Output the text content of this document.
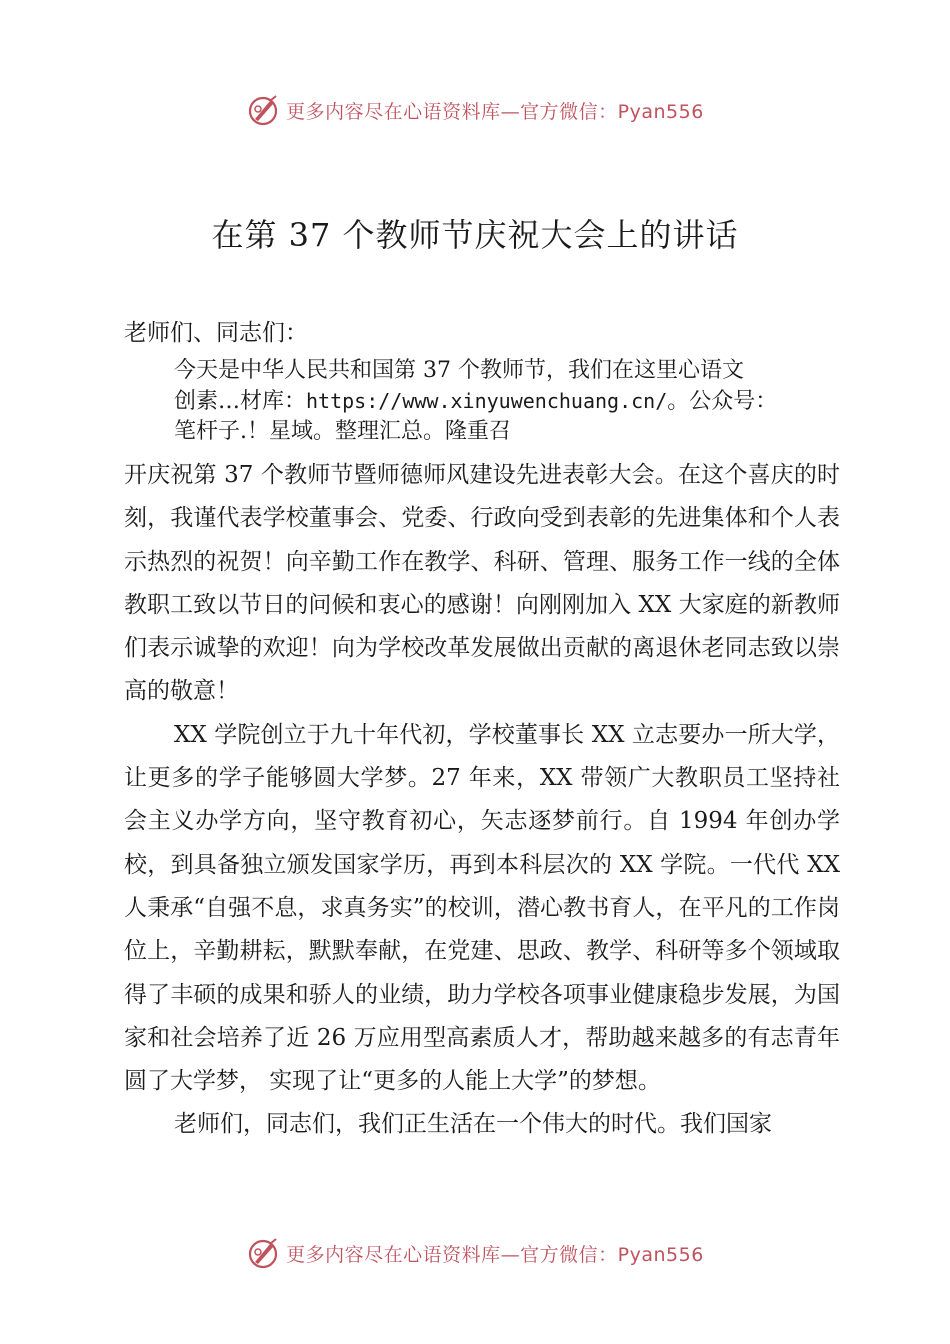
更多内容尽在心语资料库—官方微信：Pyan556
在第 37 个教师节庆祝大会上的讲话

老师们、同志们：

今天是中华人民共和国第 37 个教师节，我们在这里心语文
创素…材库：https://www.xinyuwenchuang.cn/。公众号：
笔杆子.！星域。整理汇总。隆重召

开庆祝第 37 个教师节暨师德师风建设先进表彰大会。在这个喜庆的时刻，我谨代表学校董事会、党委、行政向受到表彰的先进集体和个人表示热烈的祝贺！向辛勤工作在教学、科研、管理、服务工作一线的全体教职工致以节日的问候和衷心的感谢！向刚刚加入 XX 大家庭的新教师们表示诚挚的欢迎！向为学校改革发展做出贡献的离退休老同志致以崇高的敬意！

XX 学院创立于九十年代初，学校董事长 XX 立志要办一所大学，让更多的学子能够圆大学梦。27 年来，XX 带领广大教职员工坚持社会主义办学方向，坚守教育初心，矢志逐梦前行。自 1994 年创办学校，到具备独立颁发国家学历，再到本科层次的 XX 学院。一代代 XX 人秉承“自强不息，求真务实”的校训，潜心教书育人，在平凡的工作岗位上，辛勤耕耘，默默奉献，在党建、思政、教学、科研等多个领域取得了丰硕的成果和骄人的业绩，助力学校各项事业健康稳步发展，为国家和社会培养了近 26 万应用型高素质人才，帮助越来越多的有志青年圆了大学梦， 实现了让“更多的人能上大学”的梦想。

老师们，同志们，我们正生活在一个伟大的时代。我们国家

更多内容尽在心语资料库—官方微信：Pyan556
